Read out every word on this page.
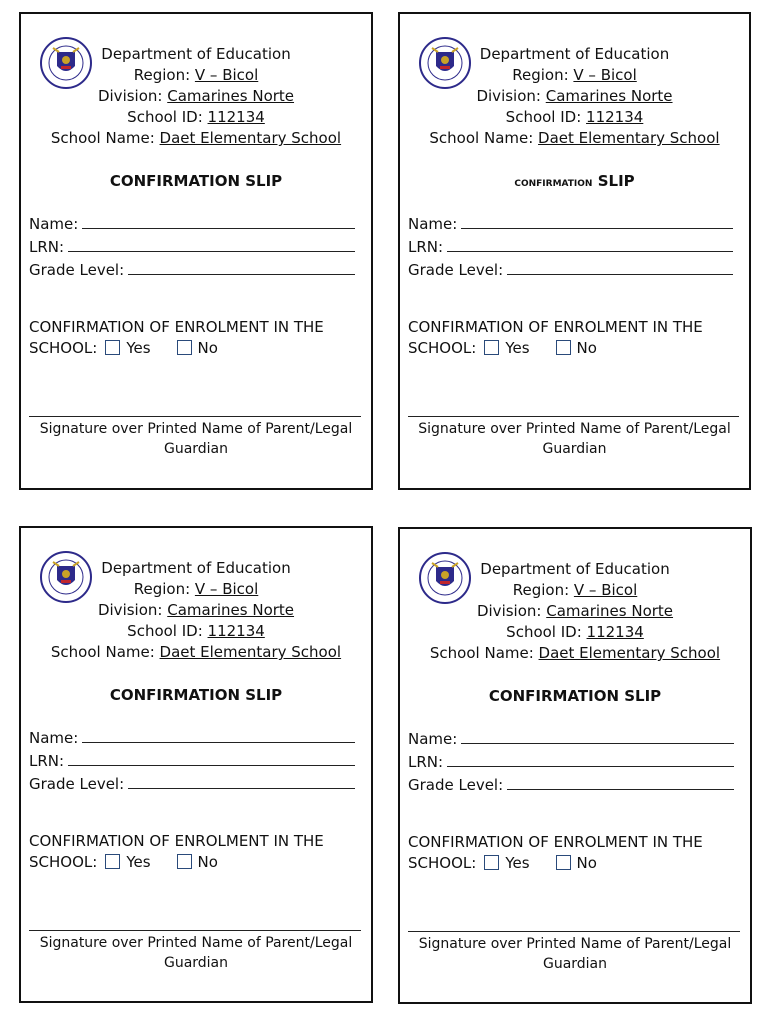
Department of Education
Region: V – Bicol
Division: Camarines Norte
School ID: 112134
School Name: Daet Elementary School
CONFIRMATION SLIP
Name:
LRN:
Grade Level:
CONFIRMATION OF ENROLMENT IN THE
SCHOOL: Yes	No
Signature over Printed Name of Parent/Legal Guardian
Department of Education
Region: V – Bicol
Division: Camarines Norte
School ID: 112134
School Name: Daet Elementary School
CONFIRMATION SLIP
Name:
LRN:
Grade Level:
CONFIRMATION OF ENROLMENT IN THE
SCHOOL: Yes	No
Signature over Printed Name of Parent/Legal Guardian
Department of Education
Region: V – Bicol
Division: Camarines Norte
School ID: 112134
School Name: Daet Elementary School
CONFIRMATION SLIP
Name:
LRN:
Grade Level:
CONFIRMATION OF ENROLMENT IN THE
SCHOOL: Yes	No
Signature over Printed Name of Parent/Legal Guardian
Department of Education
Region: V – Bicol
Division: Camarines Norte
School ID: 112134
School Name: Daet Elementary School
CONFIRMATION SLIP
Name:
LRN:
Grade Level:
CONFIRMATION OF ENROLMENT IN THE
SCHOOL: Yes	No
Signature over Printed Name of Parent/Legal Guardian
